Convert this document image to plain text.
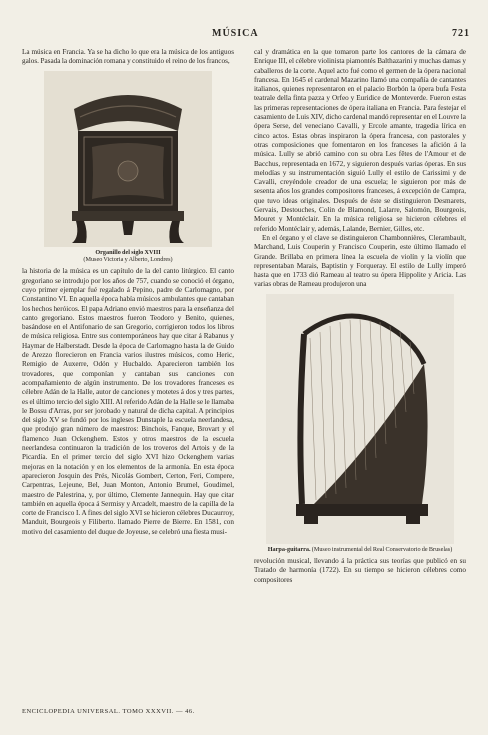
MÚSICA	721

La música en Francia. Ya se ha dicho lo que era la música de los antiguos galos. Pasada la dominación romana y constituido el reino de los francos,

Organillo del siglo XVIII
(Museo Victoria y Alberto, Londres)

la historia de la música es un capítulo de la del canto litúrgico. El canto gregoriano se introdujo por los años de 757, cuando se conoció el órgano, cuyo primer ejemplar fué regalado á Pepino, padre de Carlomagno, por Constantino VI. En aquella época había músicos ambulantes que cantaban los hechos heróicos. El papa Adriano envió maestros para la enseñanza del canto gregoriano. Estos maestros fueron Teodoro y Benito, quienes, basándose en el Antifonario de san Gregorio, corrigieron todos los libros de música religiosa. Entre sus contemporáneos hay que citar á Rabanus y Haymar de Halberstadt. Desde la época de Carlomagno hasta la de Guido de Arezzo florecieron en Francia varios ilustres músicos, como Heric, Remigio de Auxerre, Odón y Hucbaldo. Aparecieron también los trovadores, que componían y cantaban sus canciones con acompañamiento de algún instrumento. De los trovadores franceses es célebre Adán de la Halle, autor de canciones y motetes á dos y tres partes, es el último tercio del siglo XIII. Al referido Adán de la Halle se le llamaba le Bossu d'Arras, por ser jorobado y natural de dicha capital. A principios del siglo XV se fundó por los ingleses Dunstaple la escuela neerlandesa, que produjo gran número de maestros: Binchois, Fanque, Brovart y el flamenco Juan Ockenghem. Estos y otros maestros de la escuela neerlandesa continuaron la tradición de los troveros del Artois y de la Picardía. En el primer tercio del siglo XVI hizo Ockenghem varias mejoras en la notación y en los elementos de la armonía. En esta época aparecieron Josquin des Prés, Nicolás Gombert, Certon, Feri, Compere, Carpentras, Lejeune, Bel, Juan Monton, Antonio Brumel, Goudimel, maestro de Palestrina, y, por último, Clemente Jannequin. Hay que citar también en aquella época á Sermisy y Arcadelt, maestro de la capilla de la corte de Francisco I. A fines del siglo XVI se hicieron célebres Ducaurroy, Manduit, Bourgeois y Filiberto. llamado Pierre de Bierre. En 1581, con motivo del casamiento del duque de Joyeuse, se celebró una fiesta musi-

cal y dramática en la que tomaron parte los cantores de la cámara de Enrique III, el célebre violinista piamontés Balthazarini y muchas damas y caballeros de la corte. Aquel acto fué como el germen de la ópera nacional francesa. En 1645 el cardenal Mazarino llamó una compañía de cantantes italianos, quienes representaron en el palacio Borbón la ópera bufa Festa teatrale della finta pazza y Orfeo y Euridice de Monteverde. Fueron estas las primeras representaciones de ópera italiana en Francia. Para festejar el casamiento de Luis XIV, dicho cardenal mandó representar en el Louvre la ópera Serse, del veneciano Cavalli, y Ercole amante, tragedia lírica en cinco actos. Estas obras inspiraron la ópera francesa, con pastorales y otras composiciones que fomentaron en los franceses la afición á la música. Lully se abrió camino con su obra Les fêtes de l'Amour et de Bacchus, representada en 1672, y siguieron después varias óperas. En sus melodías y su instrumentación siguió Lully el estilo de Carissimi y de Cavalli, creyéndole creador de una escuela; le siguieron por más de sesenta años los grandes compositores franceses, á excepción de Campra, que tuvo ideas originales. Después de éste se distinguieron Desmarets, Gervais, Destouches, Colin de Blamond, Lalarre, Salomón, Bourgeois, Mouret y Montéclair. En la música religiosa se hicieron célebres el referido Montéclair y, además, Lalande, Bernier, Gilles, etc.

En el órgano y el clave se distinguieron Chambonnières, Clerambault, Marchand, Luis Couperin y Francisco Couperin, este último llamado el Grande. Brillaba en primera línea la escuela de violín y la violín que representaban Marais, Baptistin y Forqueray. El estilo de Lully imperó hasta que en 1733 dió Rameau al teatro su ópera Hippolite y Aricia. Las varias obras de Rameau produjeron una

Harpa-guitarra. (Museo instrumental del Real Conservatorio de Bruselas)

revolución musical, llevando á la práctica sus teorías que publicó en su Tratado de harmonía (1722). En su tiempo se hicieron célebres como compositores

ENCICLOPEDIA UNIVERSAL. TOMO XXXVII. — 46.
